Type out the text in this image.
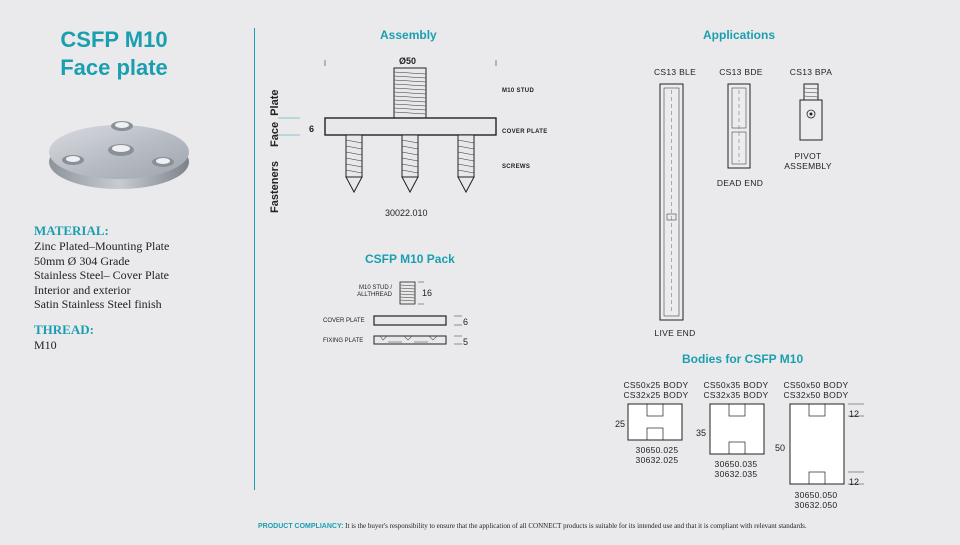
CSFP M10
Face plate
MATERIAL:
Zinc Plated–Mounting Plate
50mm Ø 304 Grade
Stainless Steel– Cover Plate
Interior and exterior
Satin Stainless Steel finish
THREAD:
M10
Assembly
Face  Plate
Fasteners
Ø50
6
M10 STUD
COVER PLATE
SCREWS
30022.010
CSFP M10 Pack
M10 STUD /
ALLTHREAD	16
COVER PLATE	6
FIXING PLATE	5
Applications
CS13 BLE	CS13 BDE	CS13 BPA
LIVE END
DEAD END
PIVOT
ASSEMBLY
Bodies for CSFP M10
CS50x25 BODY
CS32x25 BODY
25
30650.025
30632.025
CS50x35 BODY
CS32x35 BODY
35
30650.035
30632.035
CS50x50 BODY
CS32x50 BODY
50
12
12
30650.050
30632.050
PRODUCT COMPLIANCY: It is the buyer's responsibility to ensure that the application of all CONNECT products is suitable for its intended use and that it is compliant with relevant standards.
